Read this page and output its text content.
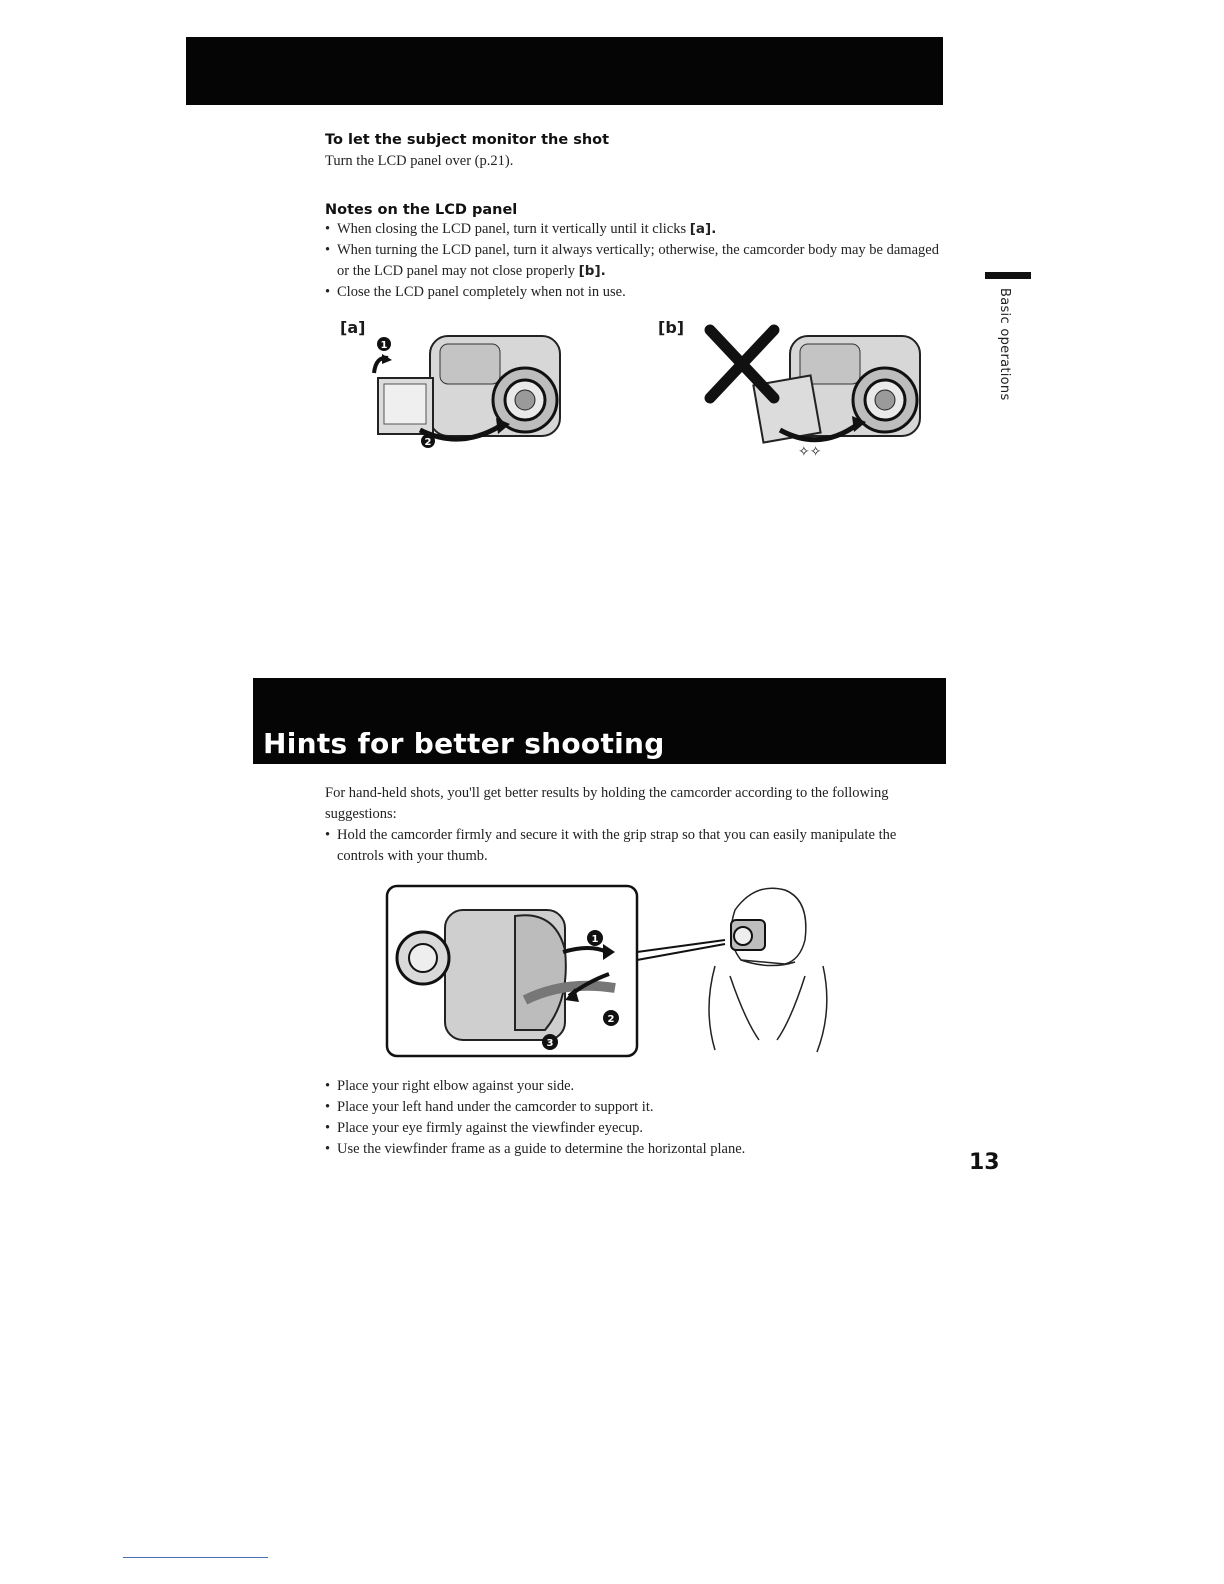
To let the subject monitor the shot
Turn the LCD panel over (p.21).
Notes on the LCD panel
• When closing the LCD panel, turn it vertically until it clicks [a].
• When turning the LCD panel, turn it always vertically; otherwise, the camcorder body may be damaged or the LCD panel may not close properly [b].
• Close the LCD panel completely when not in use.
[a]	[b]
1
2
✧✧
Basic operations
Hints for better shooting
For hand-held shots, you'll get better results by holding the camcorder according to the following suggestions:
• Hold the camcorder firmly and secure it with the grip strap so that you can easily manipulate the controls with your thumb.
1
2
3
• Place your right elbow against your side.
• Place your left hand under the camcorder to support it.
• Place your eye firmly against the viewfinder eyecup.
• Use the viewfinder frame as a guide to determine the horizontal plane.
13
